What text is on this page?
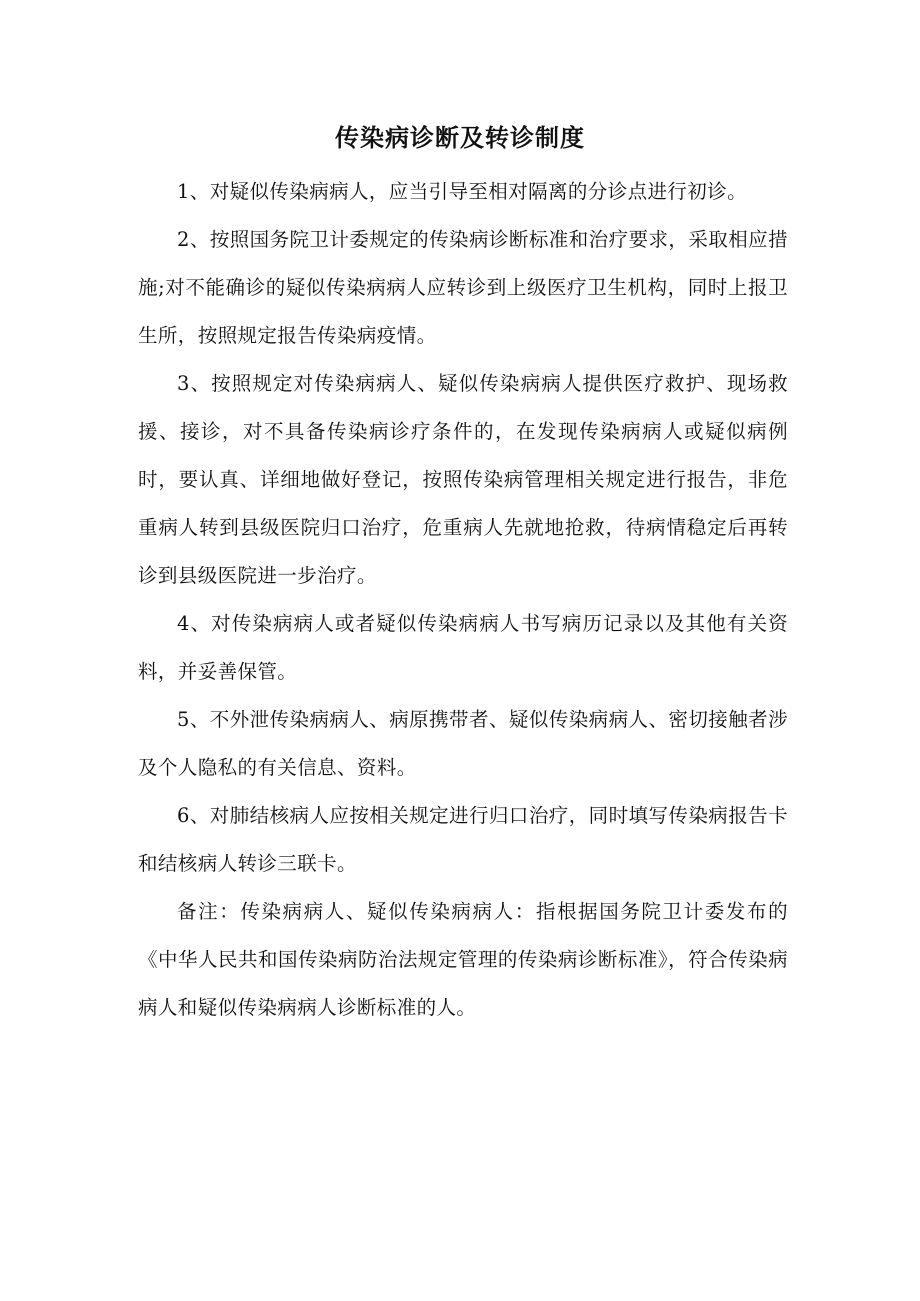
传染病诊断及转诊制度

1、对疑似传染病病人，应当引导至相对隔离的分诊点进行初诊。

2、按照国务院卫计委规定的传染病诊断标准和治疗要求，采取相应措施;对不能确诊的疑似传染病病人应转诊到上级医疗卫生机构，同时上报卫生所，按照规定报告传染病疫情。

3、按照规定对传染病病人、疑似传染病病人提供医疗救护、现场救援、接诊，对不具备传染病诊疗条件的，在发现传染病病人或疑似病例时，要认真、详细地做好登记，按照传染病管理相关规定进行报告，非危重病人转到县级医院归口治疗，危重病人先就地抢救，待病情稳定后再转诊到县级医院进一步治疗。

4、对传染病病人或者疑似传染病病人书写病历记录以及其他有关资料，并妥善保管。

5、不外泄传染病病人、病原携带者、疑似传染病病人、密切接触者涉及个人隐私的有关信息、资料。

6、对肺结核病人应按相关规定进行归口治疗，同时填写传染病报告卡和结核病人转诊三联卡。

备注：传染病病人、疑似传染病病人：指根据国务院卫计委发布的《中华人民共和国传染病防治法规定管理的传染病诊断标准》，符合传染病病人和疑似传染病病人诊断标准的人。
